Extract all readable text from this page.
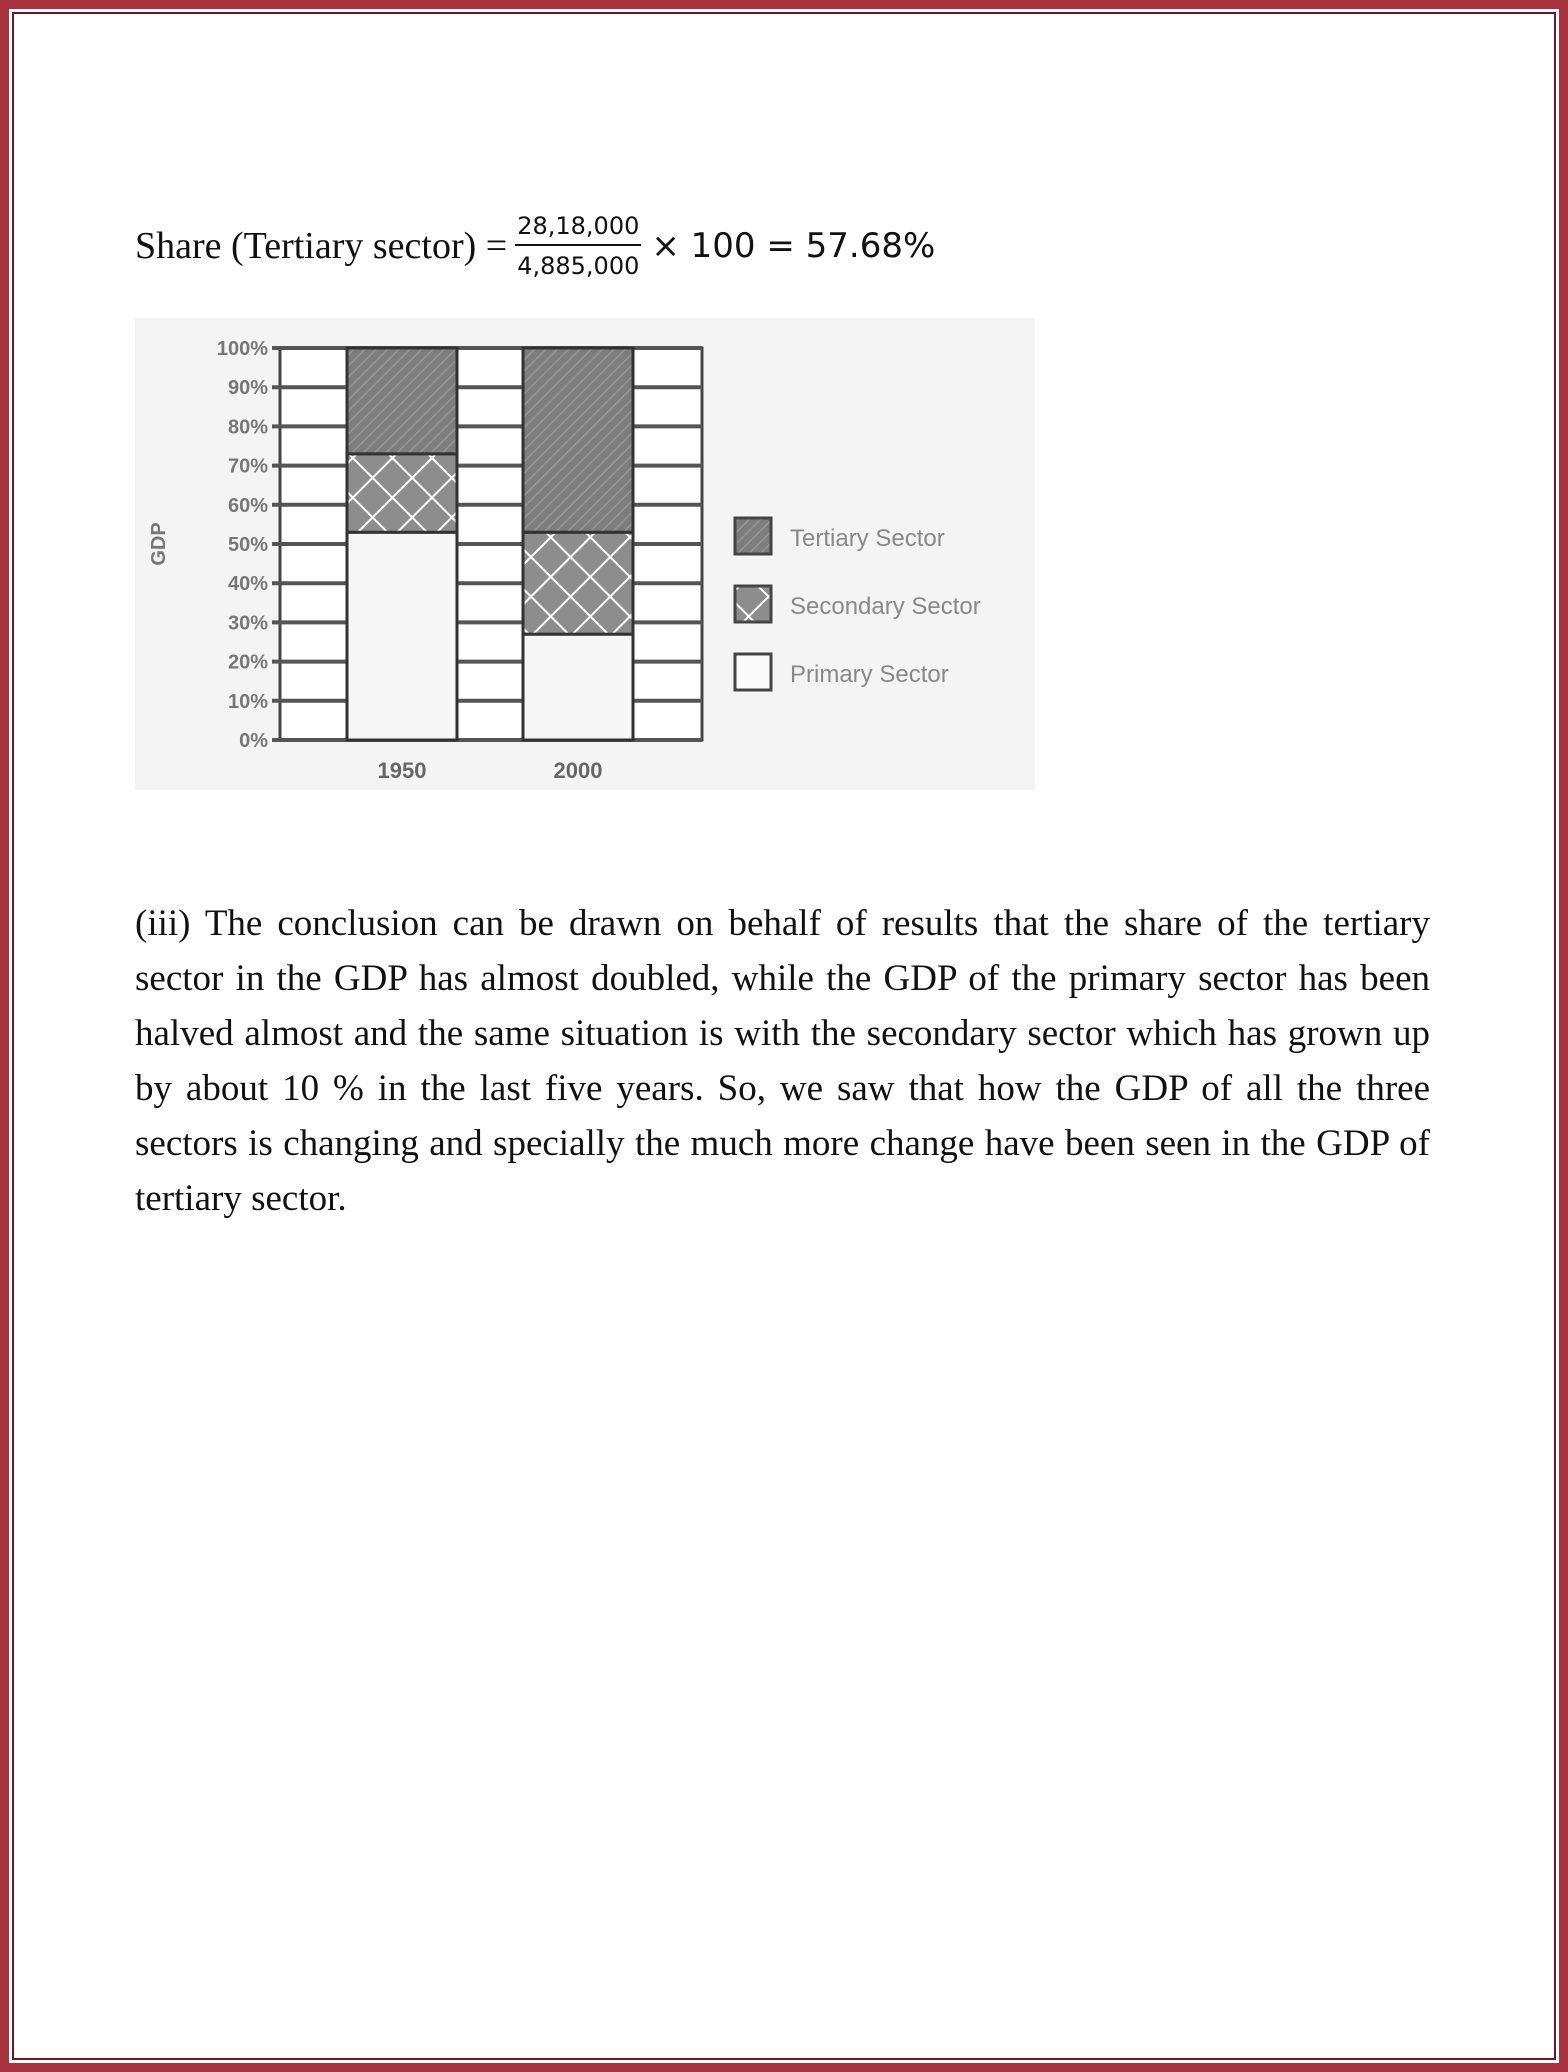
Share (Tertiary sector) = $\frac{28,18,000}{4,885,000} \times 100 = 57.68\%$
0%
10%
20%
30%
40%
50%
60%
70%
80%
90%
100%
GDP
1950	2000
Tertiary Sector
Secondary Sector
Primary Sector
(iii) The conclusion can be drawn on behalf of results that the share of the tertiary sector in the GDP has almost doubled, while the GDP of the primary sector has been halved almost and the same situation is with the secondary sector which has grown up by about 10 % in the last five years. So, we saw that how the GDP of all the three sectors is changing and specially the much more change have been seen in the GDP of tertiary sector.
